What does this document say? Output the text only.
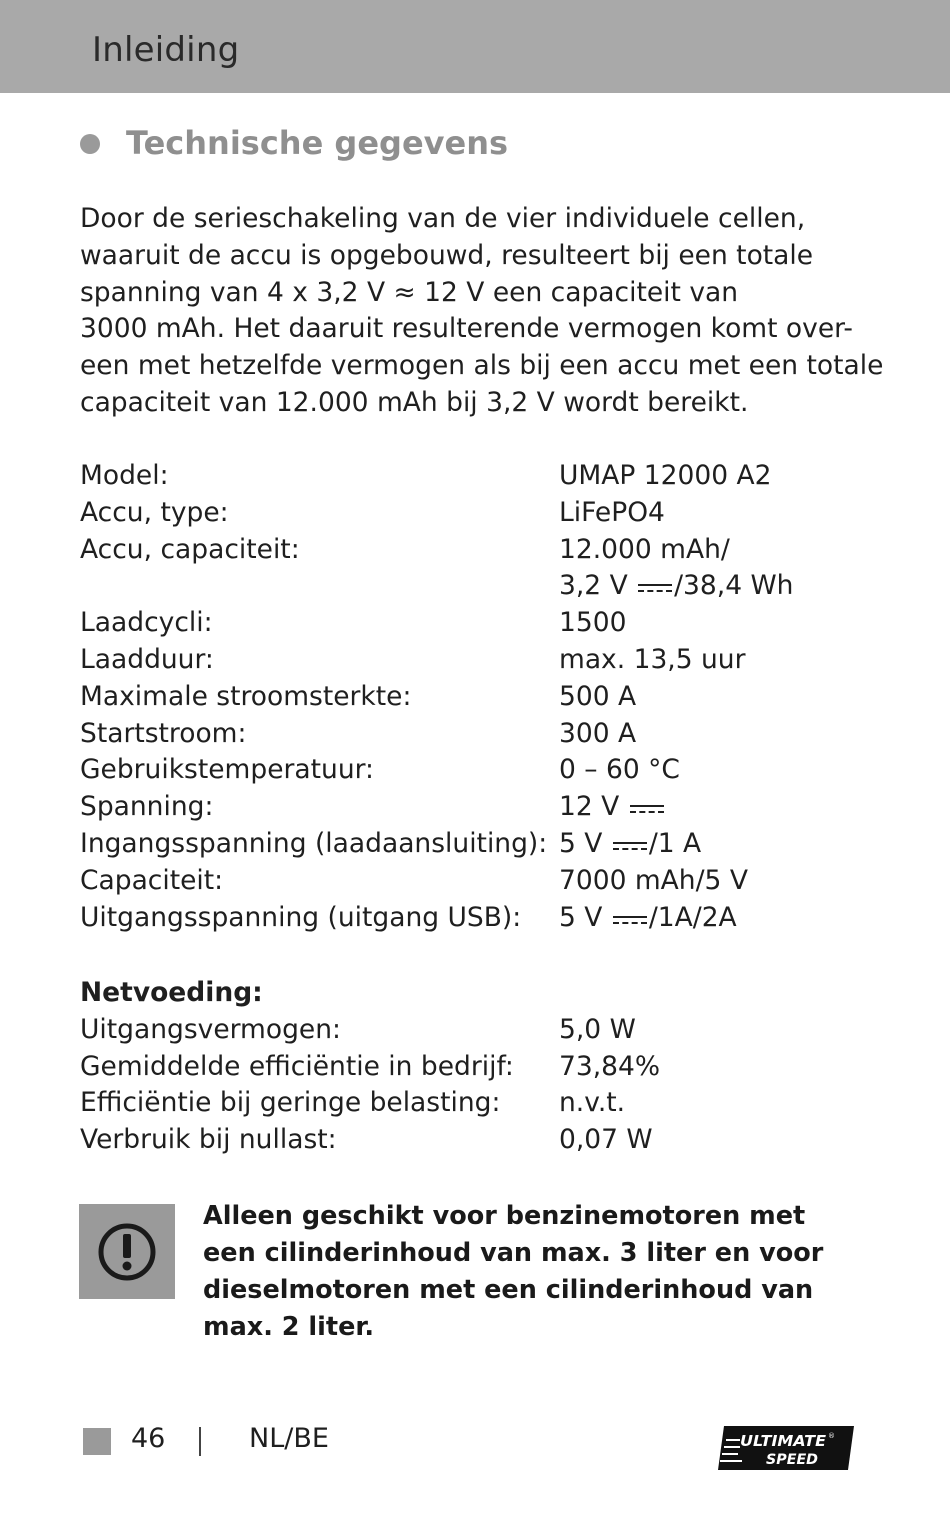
Inleiding
Technische gegevens
Door de serieschakeling van de vier individuele cellen,
waaruit de accu is opgebouwd, resulteert bij een totale
spanning van 4 x 3,2 V ≈ 12 V een capaciteit van
3000 mAh. Het daaruit resulterende vermogen komt over-
een met hetzelfde vermogen als bij een accu met een totale
capaciteit van 12.000 mAh bij 3,2 V wordt bereikt.
Model:	UMAP 12000 A2
Accu, type:	LiFePO4
Accu, capaciteit:	12.000 mAh/
3,2 V /38,4 Wh
Laadcycli:	1500
Laadduur:	max. 13,5 uur
Maximale stroomsterkte:	500 A
Startstroom:	300 A
Gebruikstemperatuur:	0 – 60 °C
Spanning:	12 V
Ingangsspanning (laadaansluiting): 5 V /1 A
Capaciteit:	7000 mAh/5 V
Uitgangsspanning (uitgang USB): 5 V /1A/2A
Netvoeding:
Uitgangsvermogen:	5,0 W
Gemiddelde efficiëntie in bedrijf: 73,84%
Efficiëntie bij geringe belasting: n.v.t.
Verbruik bij nullast:	0,07 W
Alleen geschikt voor benzinemotoren met
een cilinderinhoud van max. 3 liter en voor
dieselmotoren met een cilinderinhoud van
max. 2 liter.
46	NL/BE	ULTIMATE ®
SPEED
